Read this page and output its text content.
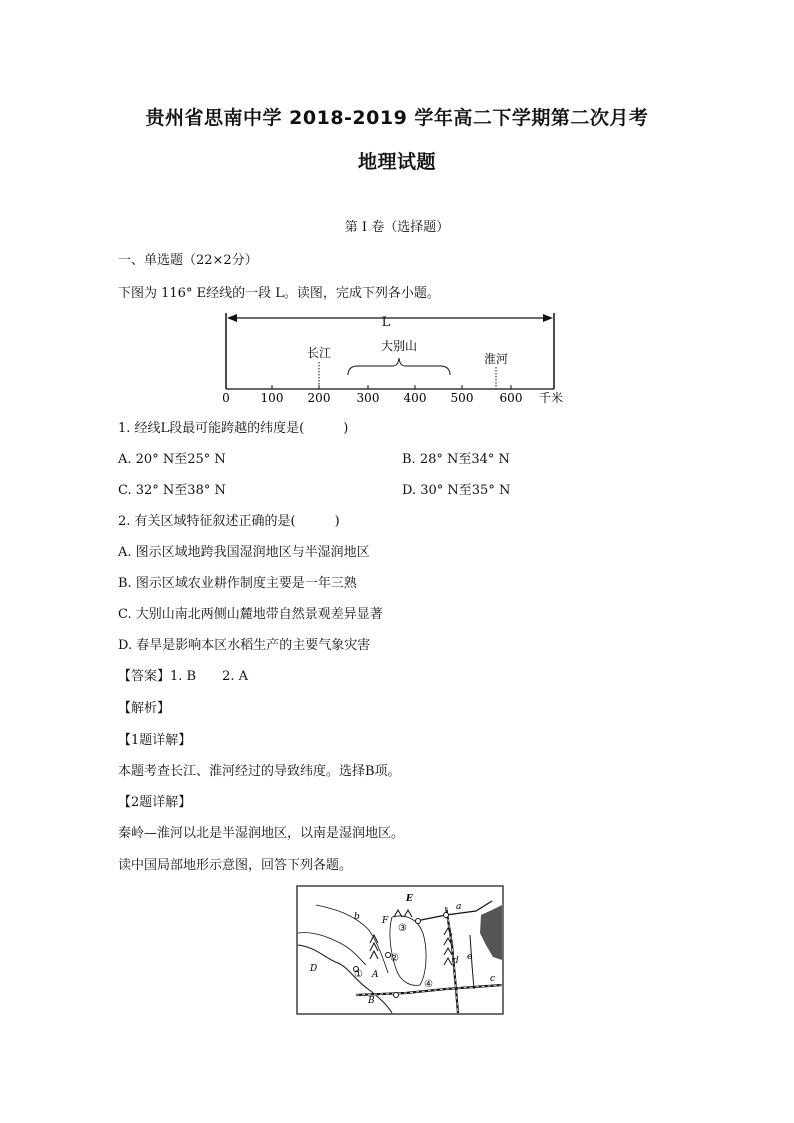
贵州省思南中学 2018-2019 学年高二下学期第二次月考
地理试题
第 I 卷（选择题）
一、单选题（22×2分）
下图为 116° E经线的一段 L。读图，完成下列各小题。
L
长江	大别山
淮河
0	100 200 300 400 500 600 千米
1. 经线L段最可能跨越的纬度是(　　　)
A. 20° N至25° N	B. 28° N至34° N
C. 32° N至38° N	D. 30° N至35° N
2. 有关区域特征叙述正确的是(　　　)
A. 图示区域地跨我国湿润地区与半湿润地区
B. 图示区域农业耕作制度主要是一年三熟
C. 大别山南北两侧山麓地带自然景观差异显著
D. 春旱是影响本区水稻生产的主要气象灾害
【答案】1. B　　2. A
【解析】
【1题详解】
本题考查长江、淮河经过的导致纬度。选择B项。
【2题详解】
秦岭—淮河以北是半湿润地区，以南是湿润地区。
读中国局部地形示意图，回答下列各题。
①
②
③
④
a
b
c
d e
E
F
A
B
D
